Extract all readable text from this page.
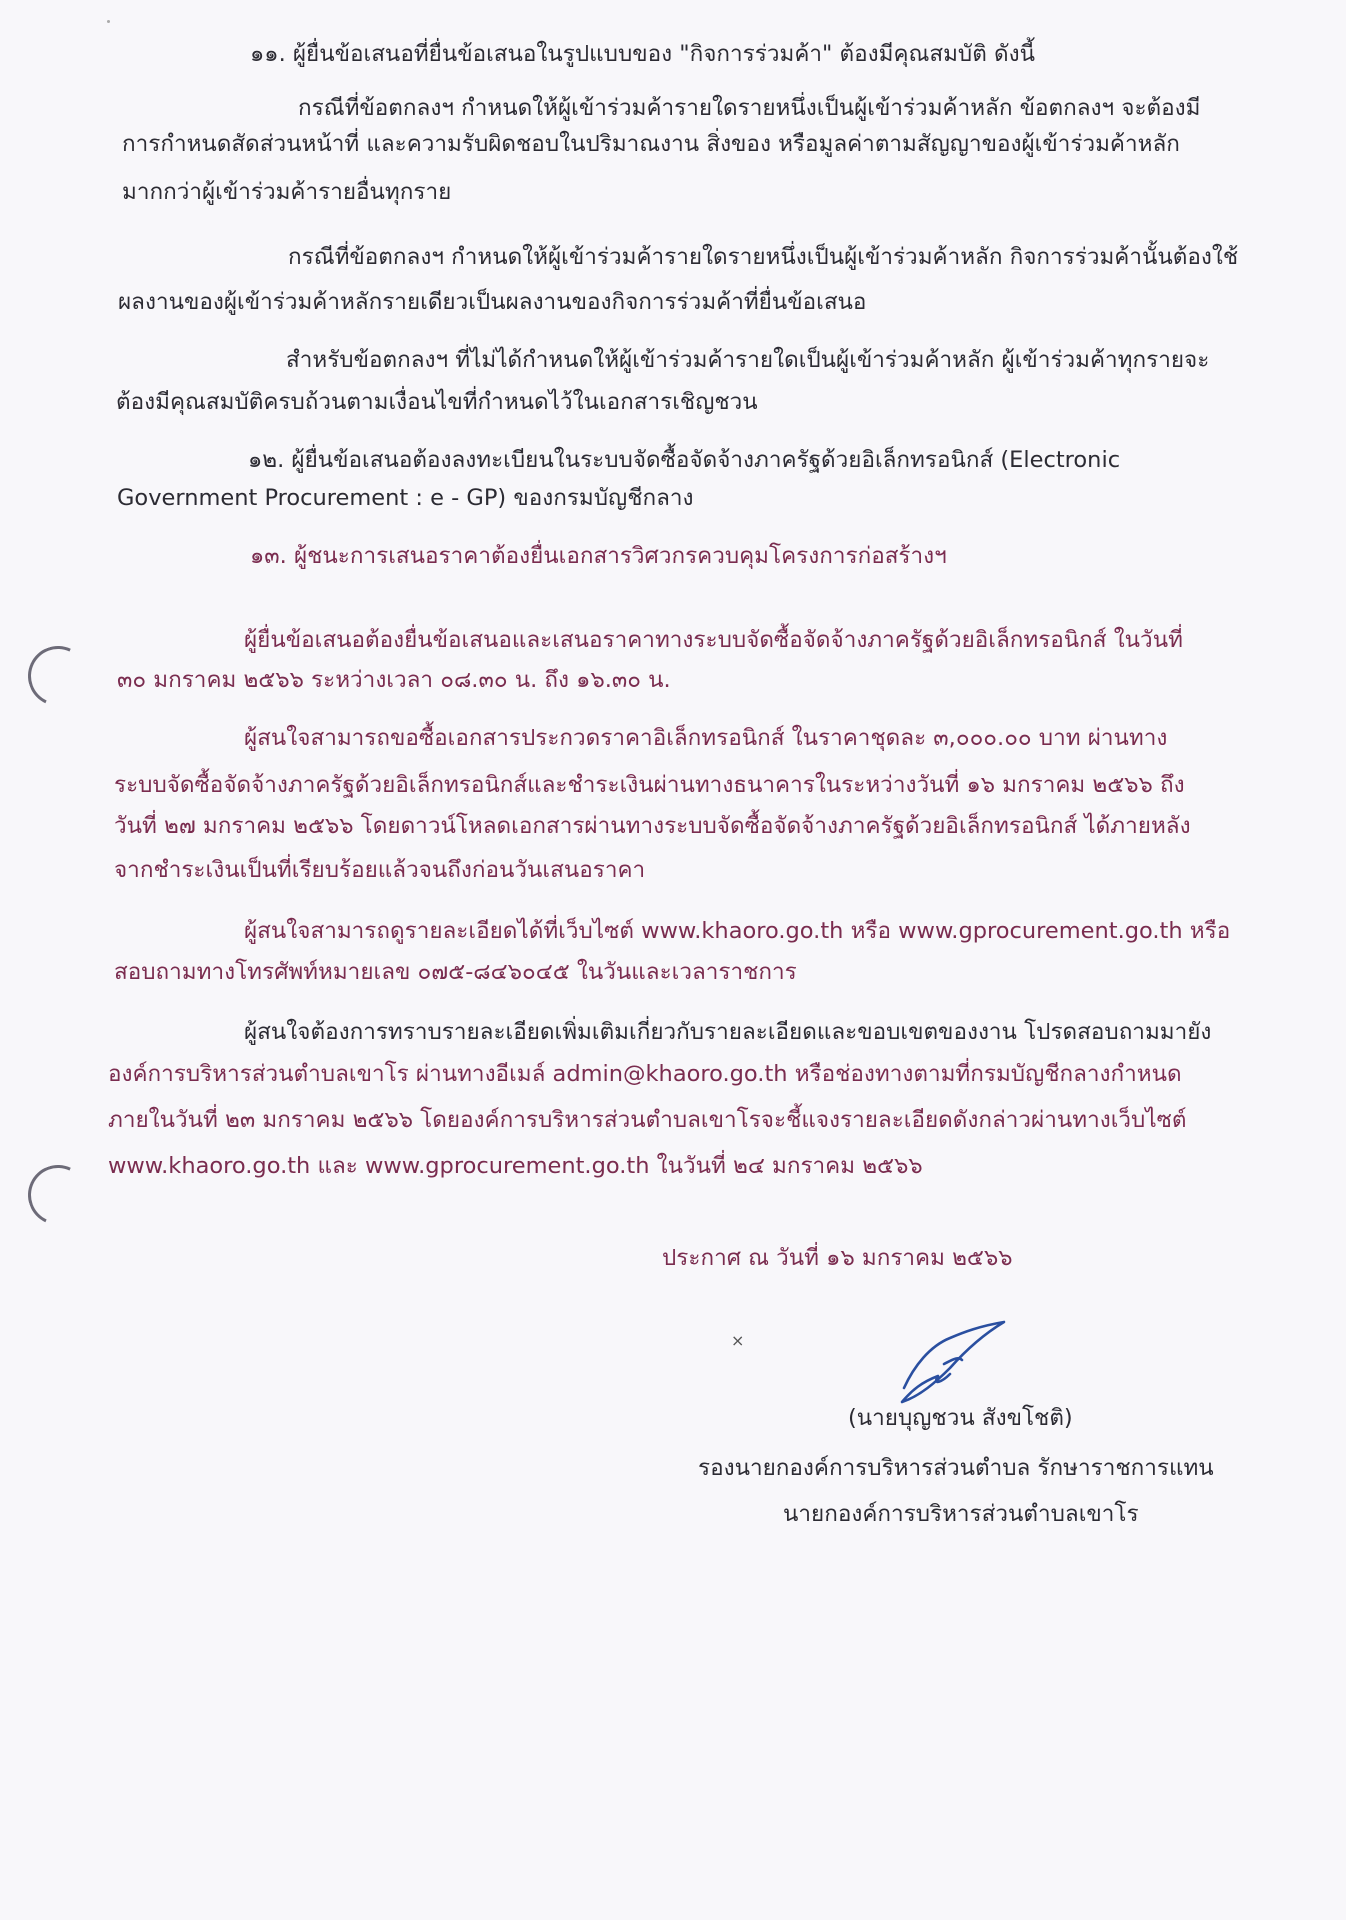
๑๑. ผู้ยื่นข้อเสนอที่ยื่นข้อเสนอในรูปแบบของ "กิจการร่วมค้า" ต้องมีคุณสมบัติ ดังนี้
กรณีที่ข้อตกลงฯ กำหนดให้ผู้เข้าร่วมค้ารายใดรายหนึ่งเป็นผู้เข้าร่วมค้าหลัก ข้อตกลงฯ จะต้องมี
การกำหนดสัดส่วนหน้าที่ และความรับผิดชอบในปริมาณงาน สิ่งของ หรือมูลค่าตามสัญญาของผู้เข้าร่วมค้าหลัก
มากกว่าผู้เข้าร่วมค้ารายอื่นทุกราย
กรณีที่ข้อตกลงฯ กำหนดให้ผู้เข้าร่วมค้ารายใดรายหนึ่งเป็นผู้เข้าร่วมค้าหลัก กิจการร่วมค้านั้นต้องใช้
ผลงานของผู้เข้าร่วมค้าหลักรายเดียวเป็นผลงานของกิจการร่วมค้าที่ยื่นข้อเสนอ
สำหรับข้อตกลงฯ ที่ไม่ได้กำหนดให้ผู้เข้าร่วมค้ารายใดเป็นผู้เข้าร่วมค้าหลัก ผู้เข้าร่วมค้าทุกรายจะ
ต้องมีคุณสมบัติครบถ้วนตามเงื่อนไขที่กำหนดไว้ในเอกสารเชิญชวน
๑๒. ผู้ยื่นข้อเสนอต้องลงทะเบียนในระบบจัดซื้อจัดจ้างภาครัฐด้วยอิเล็กทรอนิกส์ (Electronic
Government Procurement : e - GP) ของกรมบัญชีกลาง
๑๓. ผู้ชนะการเสนอราคาต้องยื่นเอกสารวิศวกรควบคุมโครงการก่อสร้างฯ
ผู้ยื่นข้อเสนอต้องยื่นข้อเสนอและเสนอราคาทางระบบจัดซื้อจัดจ้างภาครัฐด้วยอิเล็กทรอนิกส์ ในวันที่
๓๐ มกราคม ๒๕๖๖ ระหว่างเวลา ๐๘.๓๐ น. ถึง ๑๖.๓๐ น.
ผู้สนใจสามารถขอซื้อเอกสารประกวดราคาอิเล็กทรอนิกส์ ในราคาชุดละ ๓,๐๐๐.๐๐ บาท ผ่านทาง
ระบบจัดซื้อจัดจ้างภาครัฐด้วยอิเล็กทรอนิกส์และชำระเงินผ่านทางธนาคารในระหว่างวันที่ ๑๖ มกราคม ๒๕๖๖ ถึง
วันที่ ๒๗ มกราคม ๒๕๖๖ โดยดาวน์โหลดเอกสารผ่านทางระบบจัดซื้อจัดจ้างภาครัฐด้วยอิเล็กทรอนิกส์ ได้ภายหลัง
จากชำระเงินเป็นที่เรียบร้อยแล้วจนถึงก่อนวันเสนอราคา
ผู้สนใจสามารถดูรายละเอียดได้ที่เว็บไซต์ www.khaoro.go.th หรือ www.gprocurement.go.th หรือ
สอบถามทางโทรศัพท์หมายเลข ๐๗๕-๘๔๖๐๔๕ ในวันและเวลาราชการ
ผู้สนใจต้องการทราบรายละเอียดเพิ่มเติมเกี่ยวกับรายละเอียดและขอบเขตของงาน โปรดสอบถามมายัง
องค์การบริหารส่วนตำบลเขาโร ผ่านทางอีเมล์ admin@khaoro.go.th หรือช่องทางตามที่กรมบัญชีกลางกำหนด
ภายในวันที่ ๒๓ มกราคม ๒๕๖๖ โดยองค์การบริหารส่วนตำบลเขาโรจะชี้แจงรายละเอียดดังกล่าวผ่านทางเว็บไซต์
www.khaoro.go.th และ www.gprocurement.go.th ในวันที่ ๒๔ มกราคม ๒๕๖๖
ประกาศ ณ วันที่ ๑๖ มกราคม ๒๕๖๖
×
(นายบุญชวน สังขโชติ)
รองนายกองค์การบริหารส่วนตำบล รักษาราชการแทน
นายกองค์การบริหารส่วนตำบลเขาโร
